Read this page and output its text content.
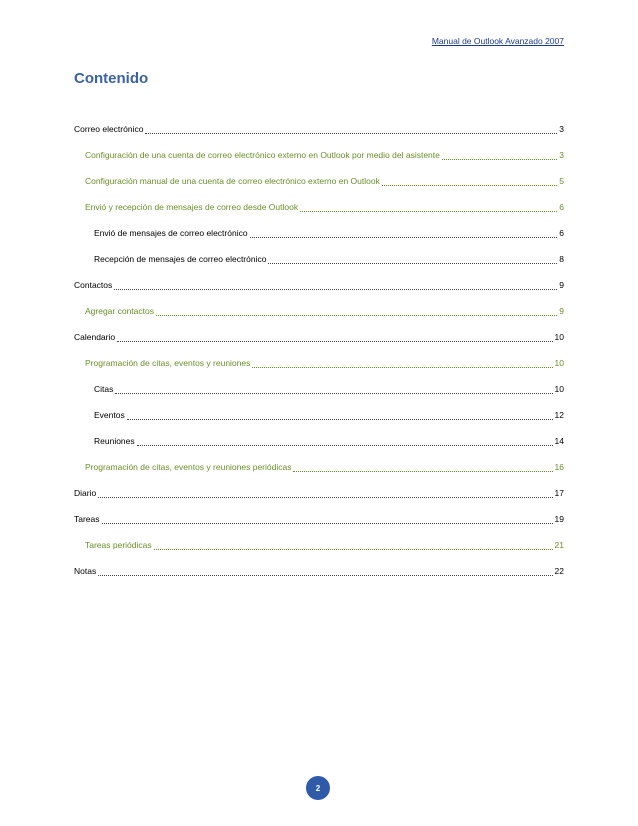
Manual de Outlook Avanzado 2007
Contenido
Correo electrónico	3
Configuración de una cuenta de correo electrónico externo en Outlook por medio del asistente	3
Configuración manual de una cuenta de correo electrónico externo en Outlook	5
Envió y recepción de mensajes de correo desde Outlook	6
Envió de mensajes de correo electrónico	6
Recepción de mensajes de correo electrónico	8
Contactos	9
Agregar contactos	9
Calendario	10
Programación de citas, eventos y reuniones	10
Citas	10
Eventos	12
Reuniones	14
Programación de citas, eventos y reuniones periódicas	16
Diario	17
Tareas	19
Tareas periódicas	21
Notas	22
2
